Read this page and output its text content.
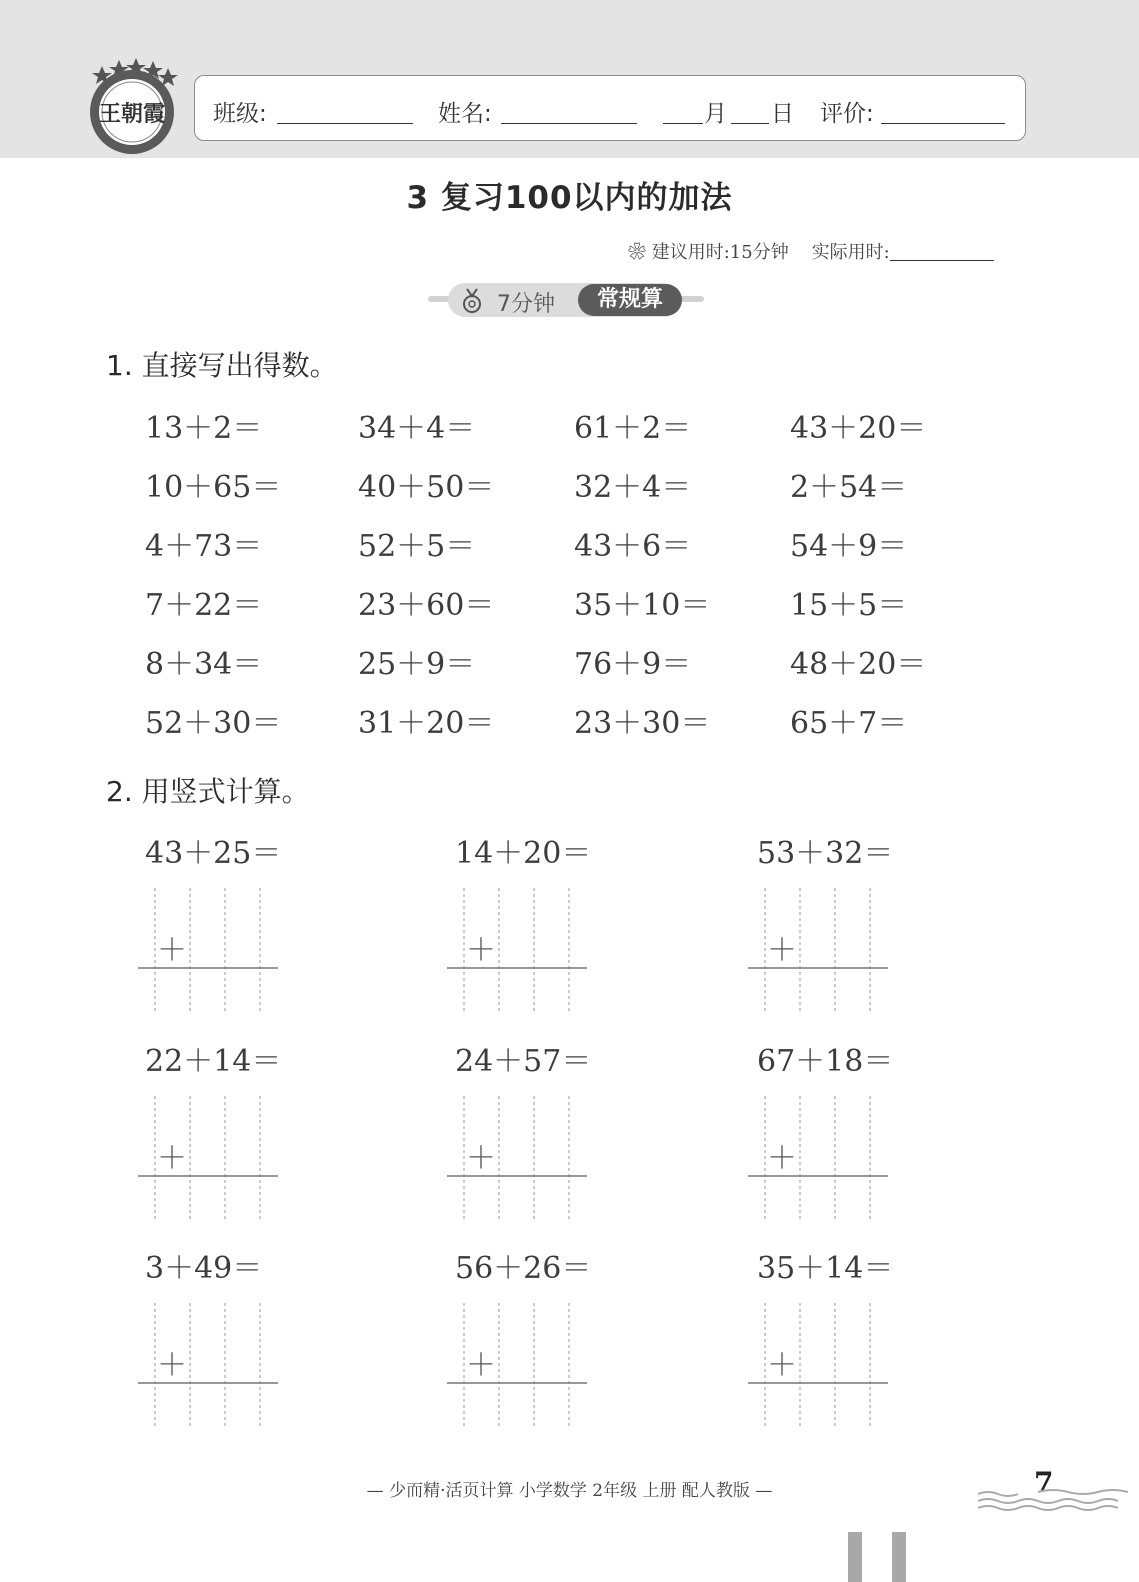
王朝霞 班级:	姓名:	月 日 评价:
3 复习100以内的加法
❀ 建议用时:15分钟 实际用时:
7分钟	常规算
1. 直接写出得数。
13＋2＝	34＋4＝	61＋2＝	43＋20＝
10＋65＝	40＋50＝	32＋4＝	2＋54＝
4＋73＝	52＋5＝	43＋6＝	54＋9＝
7＋22＝	23＋60＝	35＋10＝	15＋5＝
8＋34＝	25＋9＝	76＋9＝	48＋20＝
52＋30＝	31＋20＝	23＋30＝	65＋7＝
2. 用竖式计算。
43＋25＝
＋
14＋20＝
＋
53＋32＝
＋
22＋14＝
＋
24＋57＝
＋
67＋18＝
＋
3＋49＝
＋
56＋26＝
＋
35＋14＝
＋
— 少而精·活页计算 小学数学 2年级 上册 配人教版 —	7
